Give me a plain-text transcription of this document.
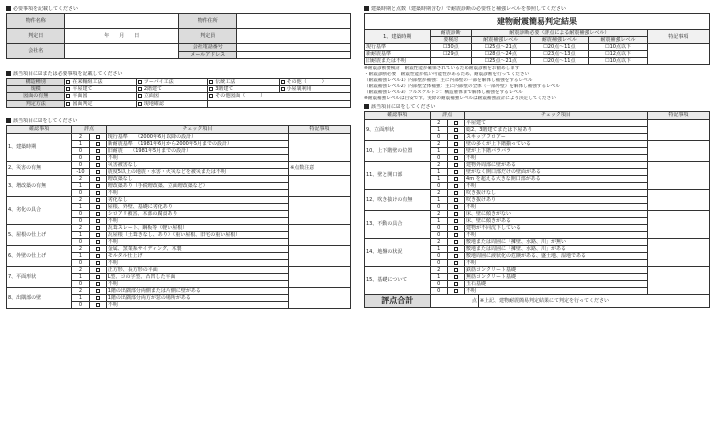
必要事項を記載してください
物件名称		物件住所	
判定日	年　　月　　日	判定員	
会社名		会社電話番号	
		メールアドレス	
該当項目に☑または必要事項を記載してください
構造種別	在来軸組工法	ツーバイ工法	伝統工法	その他（　　　）
規模	平屋建て	2階建て	3階建て	小屋裏利用
図面の有無	平面図	立面図	その他図面（　　　）	
判定方法	図面判定	現地確認		
該当項目に☑をしてください
確認事項	評点		チェック項目	特記事項
1、建築時期	2		現行基準　　（2000年6月以降の設計）	
	1		新耐震基準　（1981年6月から2000年5月までの設計）	
	0		旧耐震　　（1981年5月までの設計）	
	0		不明	
2、災害の有無	0		災害被害なし	※点数注意
	-10		震度5以上の地震・水害・火災などを被災または不明	
3、増改築の有無	2		増改築なし	
	1		増改築あり（手続増改築、立面増改築など）	
	0		不明	
4、劣化の具合	2		劣化なし	
	1		屋根、外壁、基礎に劣化あり	
	0		シロアリ被害、木部の腐食あり	
	0		不明	
5、屋根の仕上げ	2		瓦葺スレート、鋼板等（軽い屋根）	
	1		瓦屋根（土葺きなし、あり）（重い屋根、旧宅の重い屋根）	
	0		不明	
6、外壁の仕上げ	2		金属、窯業系サイディング、木製	
	1		モルタル仕上げ	
	0		不明	
7、平面形状	2		正方形、長方形の平面	
	1		L型、コの字型、凸凹した平面	
	0		不明	
8、出隅部の壁	2		1階の出隅部分両側または片側に壁がある	
	1		1階の出隅部分両方が窓の場所がある	
	0		不明	
建築時期と点数（建築時期含む）で耐震診断の必要性と補強レベルを参照してください
建物耐震簡易判定結果					
1、建築時期	耐震診断	耐震診断必要（評点による耐震補強レベル）			特記事項
	要検討	耐震補強レベル	耐震補強レベル	耐震補強レベル	
現行基準	☐30点	☐25点～21点	☐20点～11点	☐10点以下	
新耐震基準	☐29点	☐28点～24点	☐23点～13点	☐12点以下	
旧耐震または不明		☐25点～21点	☐20点～11点	☐10点以下	
※耐震診断要検討　耐震性能が確保されているため耐震診断をお勧めします
・耐震診断必要　耐震性能が低い可能性があるため、耐震診断を行ってください
（耐震補強レベル1）内部壁が補強：主に内部壁の一部を解体し補強をするレベル
（耐震補強レベル2）内部壁全体補強：主に内部壁の全体（一部外壁）を解体し補強するレベル
（耐震補強レベル3）フルスケルトン：構造躯体まで解体し補強をするレベル
※耐震補強レベルは目安です。実際の耐震補強レベルは耐震補強設計により決定してください
該当項目に☑をしてください
確認事項	評点		チェック項目	特記事項
9、立面形状	2		平屋建て	
	1		総2、3階建てまたは下屋あり	
	0		スキップフロアー	
10、上下階壁の位置	2		壁の多くが上下階揃っている	
	1		壁が上下階バラバラ	
	0		不明	
11、壁と開口部	2		建物外周部に壁がある	
	1		壁がなく開口部だけの壁面がある	
	1		4m を超える大きな開口部がある	
	0		不明	
12、吹き抜けの有無	2		吹き抜けなし	
	1		吹き抜けあり	
	0		不明	
13、不動の具合	2		床、壁に傾きがない	
	1		床、壁に傾きがある	
	0		建物が不同沈下している	
	0		不明	
14、地盤の状況	2		敷地または周囲に「擁壁、水路、川」が無い	
	1		敷地または周囲に「擁壁、水路、川」がある	
	0		敷地周囲に液状化の危険がある、盛土地、湿地である	
	0		不明	
15、基礎について	2		鉄筋コンクリート基礎	
	1		無筋コンクリート基礎	
	0		玉石基礎	
	0		不明	
評点合計	点	※上記、建物耐震簡易判定結果にて判定を行ってください
